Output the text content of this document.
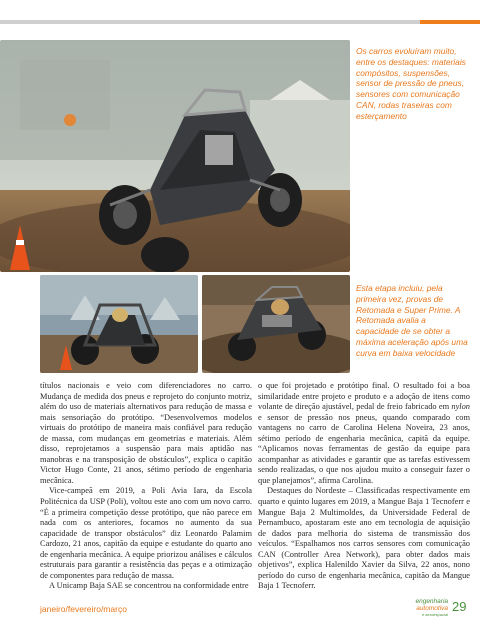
Os carros evoluíram muito, entre os destaques: materiais compósitos, suspensões, sensor de pressão de pneus, sensores com comunicação CAN, rodas traseiras com esterçamento
Esta etapa incluiu, pela primeira vez, provas de Retomada e Super Prime. A Retomada avalia a capacidade de se obter a máxima aceleração após uma curva em baixa velocidade

títulos nacionais e veio com diferenciadores no carro. Mudança de medida dos pneus e reprojeto do conjunto motriz, além do uso de materiais alternativos para redução de massa e mais sensoriação do protótipo. “Desenvolvemos modelos virtuais do protótipo de maneira mais confiável para redução de massa, com mudanças em geometrias e materiais. Além disso, reprojetamos a suspensão para mais aptidão nas manobras e na transposição de obstáculos”, explica o capitão Victor Hugo Conte, 21 anos, sétimo período de engenharia mecânica.

Vice-campeã em 2019, a Poli Avia Iara, da Escola Politécnica da USP (Poli), voltou este ano com um novo carro. “É a primeira competição desse protótipo, que não parece em nada com os anteriores, focamos no aumento da sua capacidade de transpor obstáculos” diz Leonardo Palamim Cardozo, 21 anos, capitão da equipe e estudante do quarto ano de engenharia mecânica. A equipe priorizou análises e cálculos estruturais para garantir a resistência das peças e a otimização de componentes para redução de massa.

A Unicamp Baja SAE se concentrou na conformidade entre

o que foi projetado e protótipo final. O resultado foi a boa similaridade entre projeto e produto e a adoção de itens como volante de direção ajustável, pedal de freio fabricado em nylon e sensor de pressão nos pneus, quando comparado com vantagens no carro de Carolina Helena Noveira, 23 anos, sétimo período de engenharia mecânica, capitã da equipe. “Aplicamos novas ferramentas de gestão da equipe para acompanhar as atividades e garantir que as tarefas estivessem sendo realizadas, o que nos ajudou muito a conseguir fazer o que planejamos”, afirma Carolina.

Destaques do Nordeste – Classificadas respectivamente em quarto e quinto lugares em 2019, a Mangue Baja 1 Tecnoferr e Mangue Baja 2 Multimoldes, da Universidade Federal de Pernambuco, apostaram este ano em tecnologia de aquisição de dados para melhoria do sistema de transmissão dos veículos. “Espalhamos nos carros sensores com comunicação CAN (Controller Area Network), para obter dados mais objetivos”, explica Halenildo Xavier da Silva, 22 anos, nono período do curso de engenharia mecânica, capitão da Mangue Baja 1 Tecnoferr.

janeiro/fevereiro/março
engenharia
automotiva
e aeroespacial
29
